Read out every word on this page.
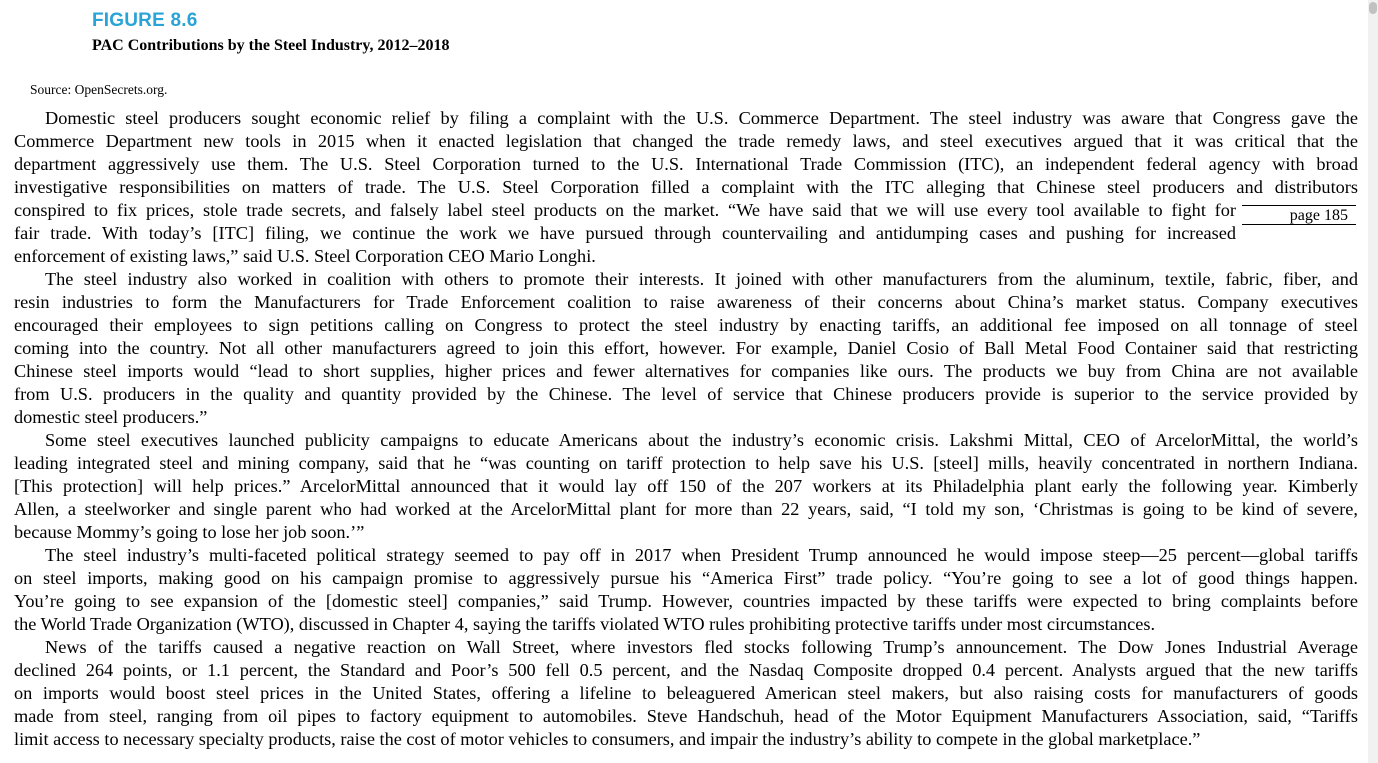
FIGURE 8.6
PAC Contributions by the Steel Industry, 2012–2018

Source: OpenSecrets.org.

page 185
Domestic steel producers sought economic relief by filing a complaint with the U.S. Commerce Department. The steel industry was aware that Congress gave the
Commerce Department new tools in 2015 when it enacted legislation that changed the trade remedy laws, and steel executives argued that it was critical that the
department aggressively use them. The U.S. Steel Corporation turned to the U.S. International Trade Commission (ITC), an independent federal agency with broad
investigative responsibilities on matters of trade. The U.S. Steel Corporation filled a complaint with the ITC alleging that Chinese steel producers and distributors
conspired to fix prices, stole trade secrets, and falsely label steel products on the market. “We have said that we will use every tool available to fight for
fair trade. With today’s [ITC] filing, we continue the work we have pursued through countervailing and antidumping cases and pushing for increased
enforcement of existing laws,” said U.S. Steel Corporation CEO Mario Longhi.
The steel industry also worked in coalition with others to promote their interests. It joined with other manufacturers from the aluminum, textile, fabric, fiber, and
resin industries to form the Manufacturers for Trade Enforcement coalition to raise awareness of their concerns about China’s market status. Company executives
encouraged their employees to sign petitions calling on Congress to protect the steel industry by enacting tariffs, an additional fee imposed on all tonnage of steel
coming into the country. Not all other manufacturers agreed to join this effort, however. For example, Daniel Cosio of Ball Metal Food Container said that restricting
Chinese steel imports would “lead to short supplies, higher prices and fewer alternatives for companies like ours. The products we buy from China are not available
from U.S. producers in the quality and quantity provided by the Chinese. The level of service that Chinese producers provide is superior to the service provided by
domestic steel producers.”
Some steel executives launched publicity campaigns to educate Americans about the industry’s economic crisis. Lakshmi Mittal, CEO of ArcelorMittal, the world’s
leading integrated steel and mining company, said that he “was counting on tariff protection to help save his U.S. [steel] mills, heavily concentrated in northern Indiana.
[This protection] will help prices.” ArcelorMittal announced that it would lay off 150 of the 207 workers at its Philadelphia plant early the following year. Kimberly
Allen, a steelworker and single parent who had worked at the ArcelorMittal plant for more than 22 years, said, “I told my son, ‘Christmas is going to be kind of severe,
because Mommy’s going to lose her job soon.’”
The steel industry’s multi-faceted political strategy seemed to pay off in 2017 when President Trump announced he would impose steep—25 percent—global tariffs
on steel imports, making good on his campaign promise to aggressively pursue his “America First” trade policy. “You’re going to see a lot of good things happen.
You’re going to see expansion of the [domestic steel] companies,” said Trump. However, countries impacted by these tariffs were expected to bring complaints before
the World Trade Organization (WTO), discussed in Chapter 4, saying the tariffs violated WTO rules prohibiting protective tariffs under most circumstances.
News of the tariffs caused a negative reaction on Wall Street, where investors fled stocks following Trump’s announcement. The Dow Jones Industrial Average
declined 264 points, or 1.1 percent, the Standard and Poor’s 500 fell 0.5 percent, and the Nasdaq Composite dropped 0.4 percent. Analysts argued that the new tariffs
on imports would boost steel prices in the United States, offering a lifeline to beleaguered American steel makers, but also raising costs for manufacturers of goods
made from steel, ranging from oil pipes to factory equipment to automobiles. Steve Handschuh, head of the Motor Equipment Manufacturers Association, said, “Tariffs
limit access to necessary specialty products, raise the cost of motor vehicles to consumers, and impair the industry’s ability to compete in the global marketplace.”
